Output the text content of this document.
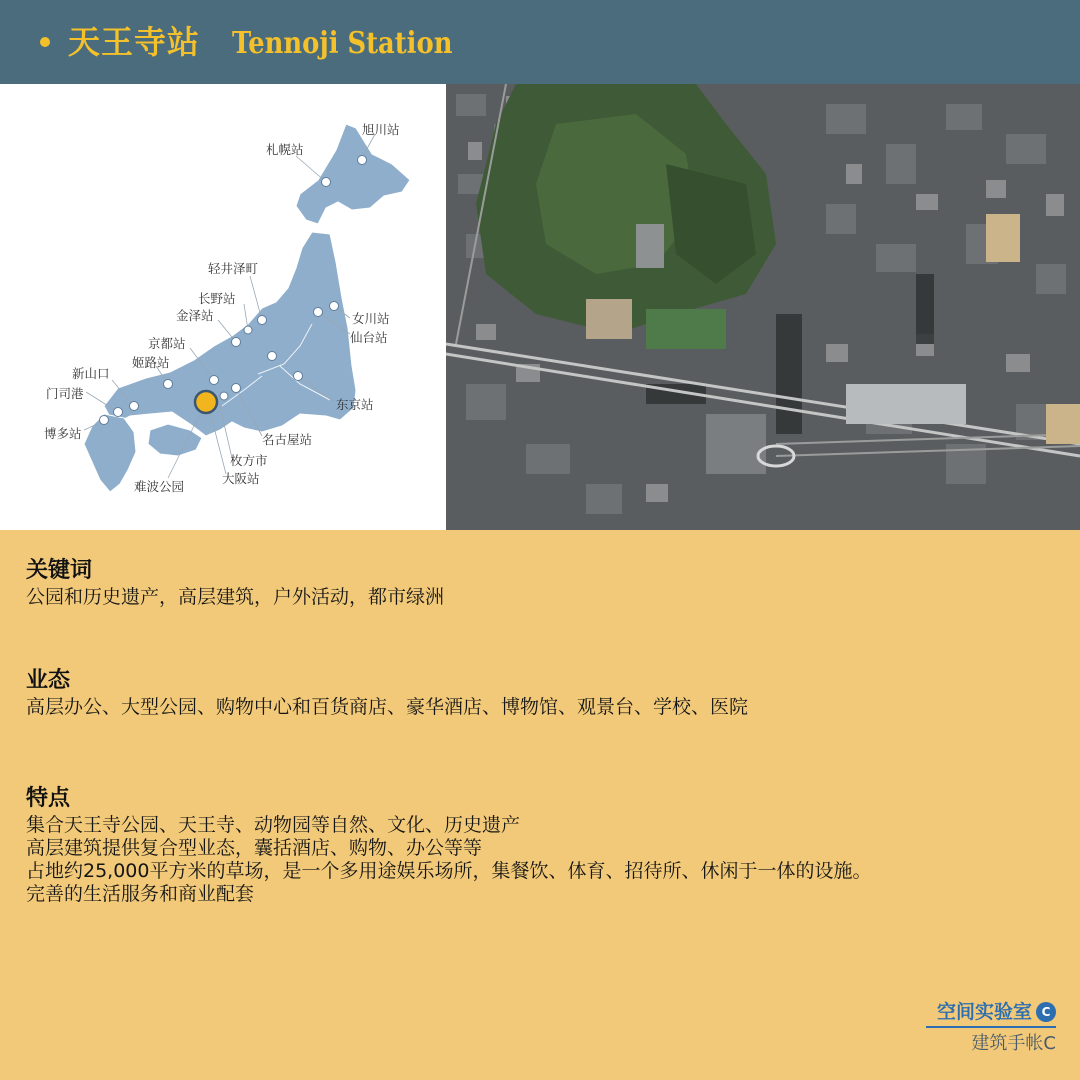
天王寺站 Tennoji Station
旭川站
札幌站
轻井泽町
长野站
金泽站	女川站
仙台站
京都站
姬路站
新山口
门司港
东京站
博多站	名古屋站
枚方市
大阪站
难波公园
关键词

公园和历史遗产，高层建筑，户外活动，都市绿洲

业态

高层办公、大型公园、购物中心和百货商店、豪华酒店、博物馆、观景台、学校、医院

特点

集合天王寺公园、天王寺、动物园等自然、文化、历史遗产

高层建筑提供复合型业态，囊括酒店、购物、办公等等

占地约25,000平方米的草场，是一个多用途娱乐场所，集餐饮、体育、招待所、休闲于一体的设施。

完善的生活服务和商业配套

空间实验室 C
建筑手帐C
